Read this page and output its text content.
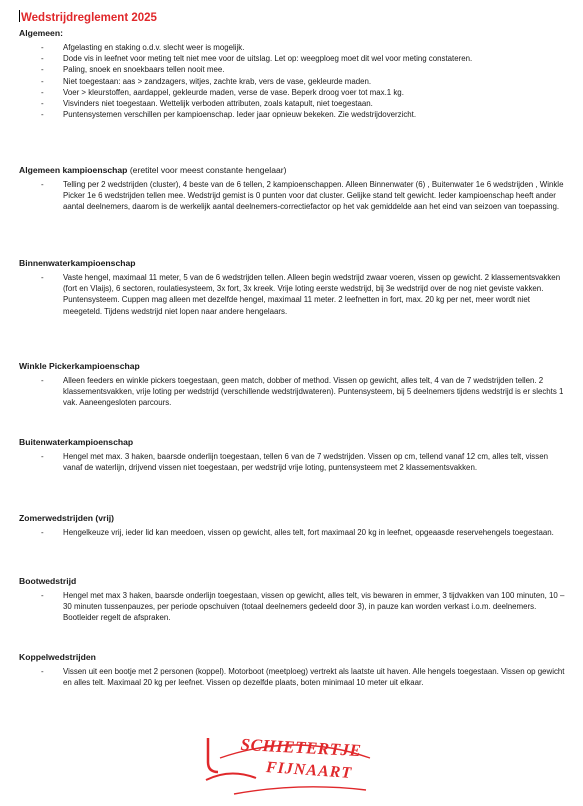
Wedstrijdreglement 2025

Algemeen:

- Afgelasting en staking o.d.v. slecht weer is mogelijk.
- Dode vis in leefnet voor meting telt niet mee voor de uitslag. Let op: weegploeg moet dit wel voor meting constateren.
- Paling, snoek en snoekbaars tellen nooit mee.
- Niet toegestaan: aas > zandzagers, witjes, zachte krab, vers de vase, gekleurde maden.
- Voer > kleurstoffen, aardappel, gekleurde maden, verse de vase. Beperk droog voer tot max.1 kg.
- Visvinders niet toegestaan. Wettelijk verboden attributen, zoals katapult, niet toegestaan.
- Puntensystemen verschillen per kampioenschap. Ieder jaar opnieuw bekeken. Zie wedstrijdoverzicht.

Algemeen kampioenschap (eretitel voor meest constante hengelaar)

- Telling per 2 wedstrijden (cluster), 4 beste van de 6 tellen, 2 kampioenschappen. Alleen Binnenwater (6) , Buitenwater 1e 6 wedstrijden , Winkle Picker 1e 6 wedstrijden tellen mee. Wedstrijd gemist is 0 punten voor dat cluster. Gelijke stand telt gewicht. Ieder kampioenschap heeft ander aantal deelnemers, daarom is de werkelijk aantal deelnemers-correctiefactor op het vak gemiddelde aan het eind van seizoen van toepassing.

Binnenwaterkampioenschap

- Vaste hengel, maximaal 11 meter, 5 van de 6 wedstrijden tellen. Alleen begin wedstrijd zwaar voeren, vissen op gewicht. 2 klassementsvakken (fort en Vlaijs), 6 sectoren, roulatiesysteem, 3x fort, 3x kreek. Vrije loting eerste wedstrijd, bij 3e wedstrijd over de nog niet geviste vakken. Puntensysteem. Cuppen mag alleen met dezelfde hengel, maximaal 11 meter. 2 leefnetten in fort, max. 20 kg per net, meer wordt niet meegeteld. Tijdens wedstrijd niet lopen naar andere hengelaars.

Winkle Pickerkampioenschap

- Alleen feeders en winkle pickers toegestaan, geen match, dobber of method. Vissen op gewicht, alles telt, 4 van de 7 wedstrijden tellen. 2 klassementsvakken, vrije loting per wedstrijd (verschillende wedstrijdwateren). Puntensysteem, bij 5 deelnemers tijdens wedstrijd is er slechts 1 vak. Aaneengesloten parcours.

Buitenwaterkampioenschap

- Hengel met max. 3 haken, baarsde onderlijn toegestaan, tellen 6 van de 7 wedstrijden. Vissen op cm, tellend vanaf 12 cm, alles telt, vissen vanaf de waterlijn, drijvend vissen niet toegestaan, per wedstrijd vrije loting, puntensysteem met 2 klassementsvakken.

Zomerwedstrijden (vrij)

- Hengelkeuze vrij, ieder lid kan meedoen, vissen op gewicht, alles telt, fort maximaal 20 kg in leefnet, opgeaasde reservehengels toegestaan.

Bootwedstrijd

- Hengel met max 3 haken, baarsde onderlijn toegestaan, vissen op gewicht, alles telt, vis bewaren in emmer, 3 tijdvakken van 100 minuten, 10 – 30 minuten tussenpauzes, per periode opschuiven (totaal deelnemers gedeeld door 3), in pauze kan worden verkast i.o.m. deelnemers. Bootleider regelt de afspraken.

Koppelwedstrijden

- Vissen uit een bootje met 2 personen (koppel). Motorboot (meetploeg) vertrekt als laatste uit haven. Alle hengels toegestaan. Vissen op gewicht en alles telt. Maximaal 20 kg per leefnet. Vissen op dezelfde plaats, boten minimaal 10 meter uit elkaar.
SCHIETERTJE
FIJNAART
